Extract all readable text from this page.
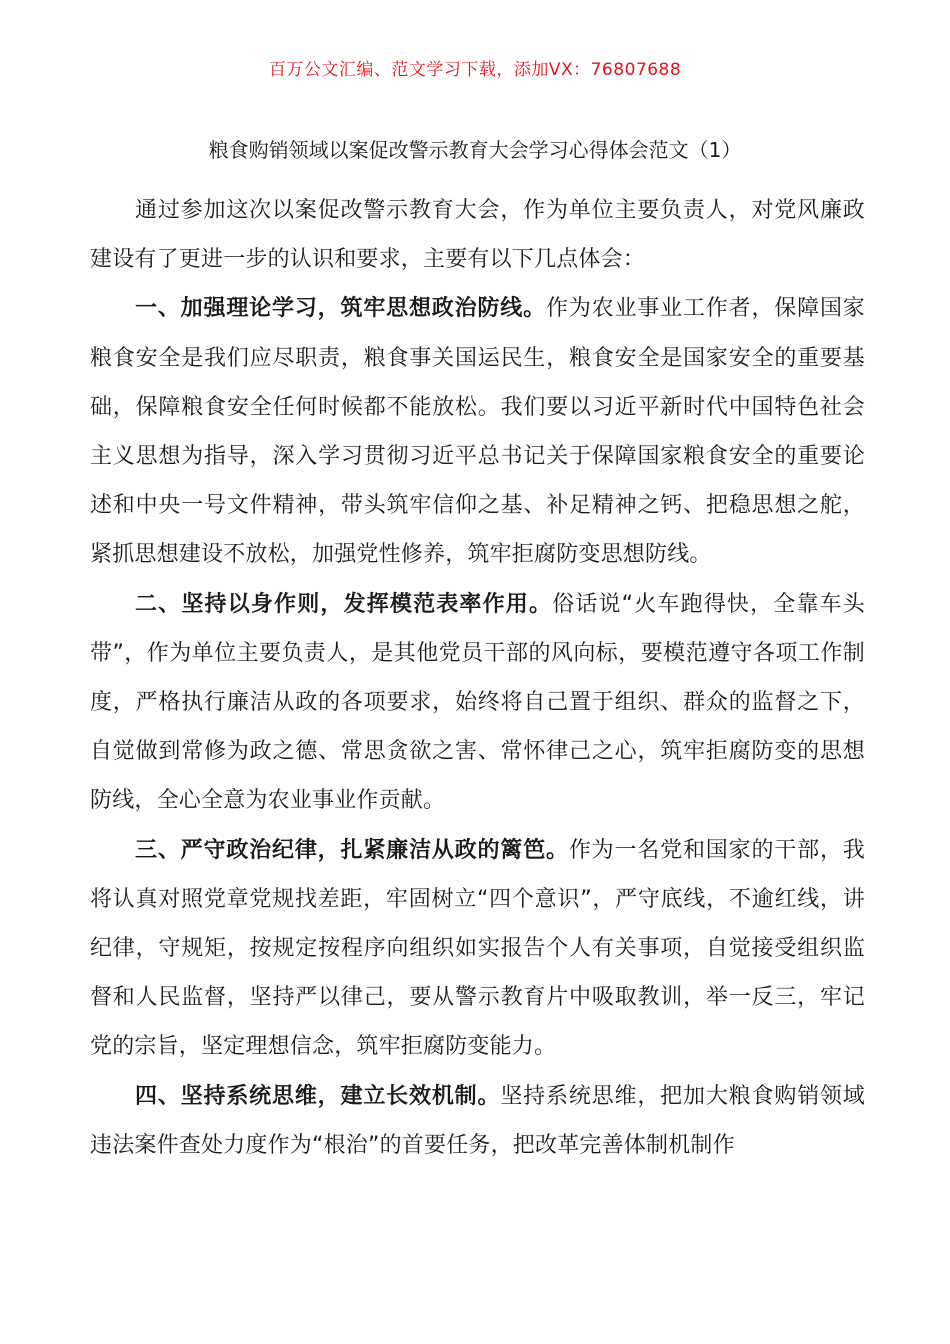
百万公文汇编、范文学习下载，添加VX：76807688
粮食购销领域以案促改警示教育大会学习心得体会范文（1）

通过参加这次以案促改警示教育大会，作为单位主要负责人，对党风廉政建设有了更进一步的认识和要求，主要有以下几点体会：

一、加强理论学习，筑牢思想政治防线。作为农业事业工作者，保障国家粮食安全是我们应尽职责，粮食事关国运民生，粮食安全是国家安全的重要基础，保障粮食安全任何时候都不能放松。我们要以习近平新时代中国特色社会主义思想为指导，深入学习贯彻习近平总书记关于保障国家粮食安全的重要论述和中央一号文件精神，带头筑牢信仰之基、补足精神之钙、把稳思想之舵，紧抓思想建设不放松，加强党性修养，筑牢拒腐防变思想防线。

二、坚持以身作则，发挥模范表率作用。俗话说“火车跑得快，全靠车头带”，作为单位主要负责人，是其他党员干部的风向标，要模范遵守各项工作制度，严格执行廉洁从政的各项要求，始终将自己置于组织、群众的监督之下，自觉做到常修为政之德、常思贪欲之害、常怀律己之心，筑牢拒腐防变的思想防线，全心全意为农业事业作贡献。

三、严守政治纪律，扎紧廉洁从政的篱笆。作为一名党和国家的干部，我将认真对照党章党规找差距，牢固树立“四个意识”，严守底线，不逾红线，讲纪律，守规矩，按规定按程序向组织如实报告个人有关事项，自觉接受组织监督和人民监督，坚持严以律己，要从警示教育片中吸取教训，举一反三，牢记党的宗旨，坚定理想信念，筑牢拒腐防变能力。

四、坚持系统思维，建立长效机制。坚持系统思维，把加大粮食购销领域违法案件查处力度作为“根治”的首要任务，把改革完善体制机制作
